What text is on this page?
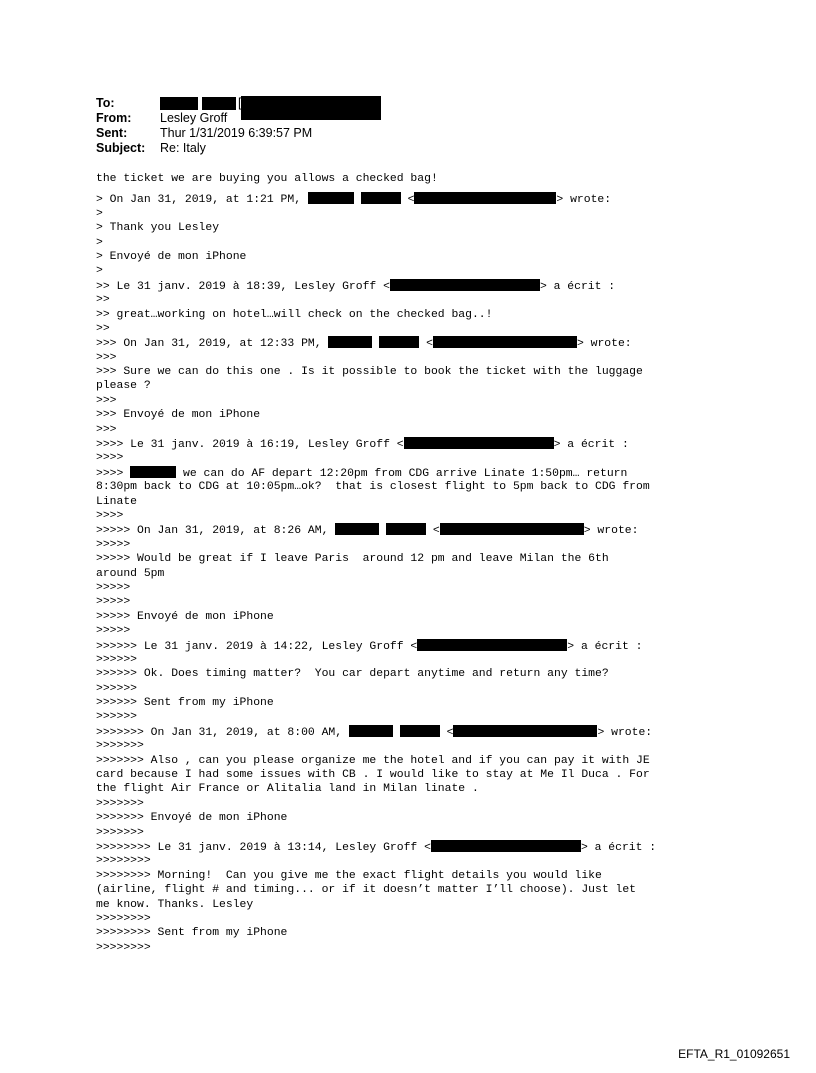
To:	[
From:	Lesley Groff
Sent:	Thur 1/31/2019 6:39:57 PM
Subject:	Re: Italy
the ticket we are buying you allows a checked bag!
> On Jan 31, 2019, at 1:21 PM,	<	> wrote:
>
> Thank you Lesley
>
> Envoyé de mon iPhone
>
>> Le 31 janv. 2019 à 18:39, Lesley Groff <	> a écrit :
>>
>> great…working on hotel…will check on the checked bag..!
>>
>>> On Jan 31, 2019, at 12:33 PM,	<	> wrote:
>>>
>>> Sure we can do this one . Is it possible to book the ticket with the luggage
please ?
>>>
>>> Envoyé de mon iPhone
>>>
>>>> Le 31 janv. 2019 à 16:19, Lesley Groff <	> a écrit :
>>>>
>>>>	we can do AF depart 12:20pm from CDG arrive Linate 1:50pm… return
8:30pm back to CDG at 10:05pm…ok?  that is closest flight to 5pm back to CDG from
Linate
>>>>
>>>>> On Jan 31, 2019, at 8:26 AM,	<	> wrote:
>>>>>
>>>>> Would be great if I leave Paris  around 12 pm and leave Milan the 6th
around 5pm
>>>>>
>>>>>
>>>>> Envoyé de mon iPhone
>>>>>
>>>>>> Le 31 janv. 2019 à 14:22, Lesley Groff <	> a écrit :
>>>>>>
>>>>>> Ok. Does timing matter?  You car depart anytime and return any time?
>>>>>>
>>>>>> Sent from my iPhone
>>>>>>
>>>>>>> On Jan 31, 2019, at 8:00 AM,	<	> wrote:
>>>>>>>
>>>>>>> Also , can you please organize me the hotel and if you can pay it with JE
card because I had some issues with CB . I would like to stay at Me Il Duca . For
the flight Air France or Alitalia land in Milan linate .
>>>>>>>
>>>>>>> Envoyé de mon iPhone
>>>>>>>
>>>>>>>> Le 31 janv. 2019 à 13:14, Lesley Groff <	> a écrit :
>>>>>>>>
>>>>>>>> Morning!  Can you give me the exact flight details you would like
(airline, flight # and timing... or if it doesn’t matter I’ll choose). Just let
me know. Thanks. Lesley
>>>>>>>>
>>>>>>>> Sent from my iPhone
>>>>>>>>
EFTA_R1_01092651
